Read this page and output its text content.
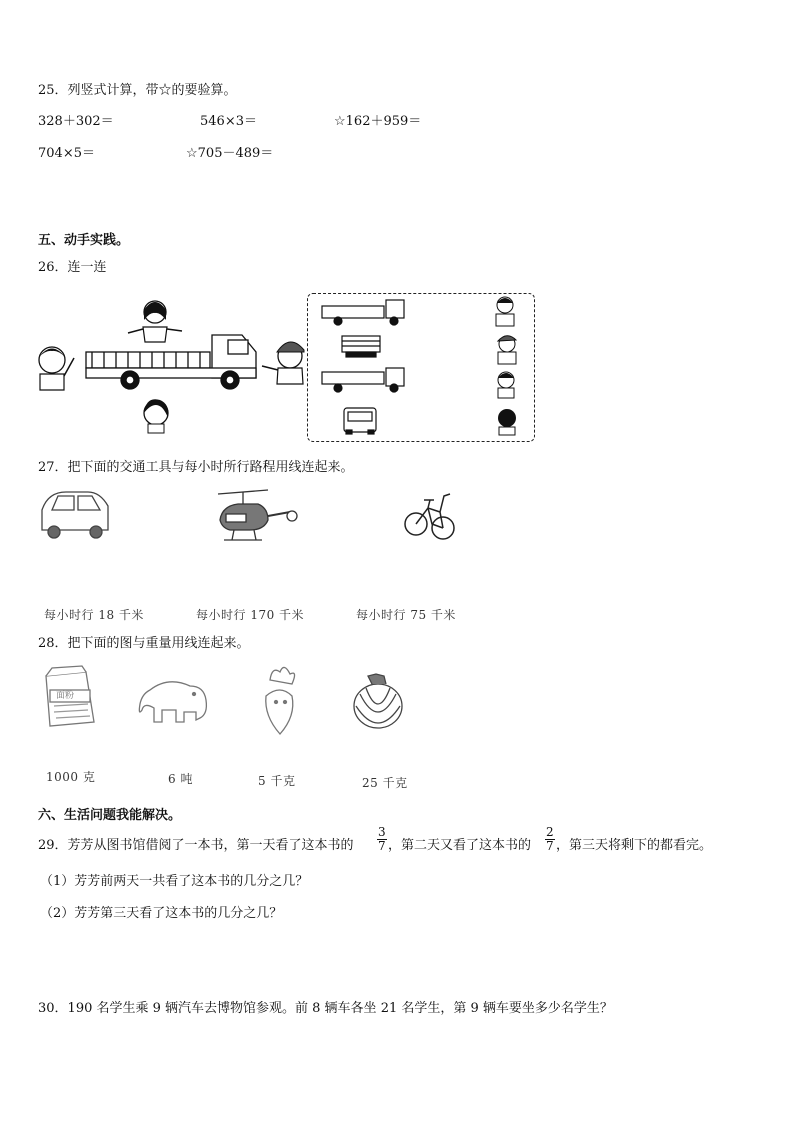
25．列竖式计算，带☆的要验算。
328＋302＝	546×3＝	☆162＋959＝
704×5＝	☆705－489＝
五、动手实践。
26．连一连
27．把下面的交通工具与每小时所行路程用线连起来。
每小时行 18 千米	每小时行 170 千米	每小时行 75 千米
28．把下面的图与重量用线连起来。
面粉
1000 克	6 吨	5 千克	25 千克
六、生活问题我能解决。
29．芳芳从图书馆借阅了一本书，第一天看了这本书的 $\frac{3}{7}$ ，第二天又看了这本书的 $\frac{2}{7}$ ，第三天将剩下的都看完。
（1）芳芳前两天一共看了这本书的几分之几？
（2）芳芳第三天看了这本书的几分之几？
30．190 名学生乘 9 辆汽车去博物馆参观。前 8 辆车各坐 21 名学生，第 9 辆车要坐多少名学生？
